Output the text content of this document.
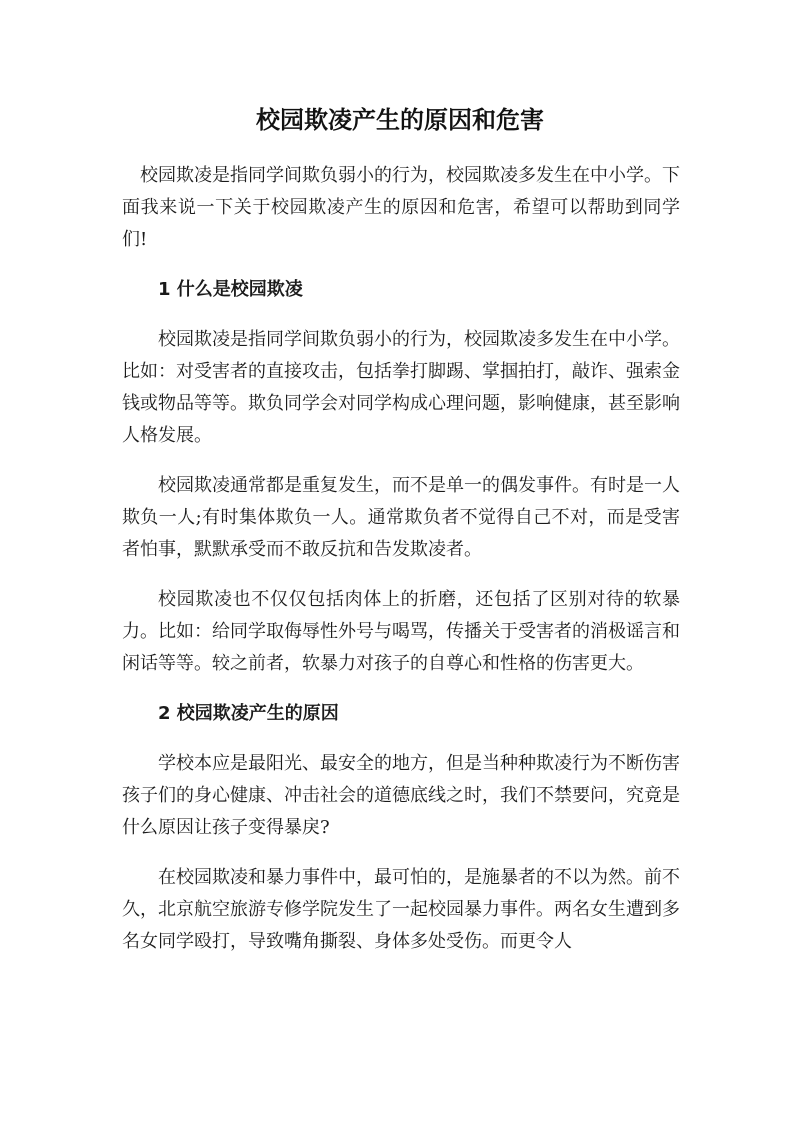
校园欺凌产生的原因和危害

校园欺凌是指同学间欺负弱小的行为，校园欺凌多发生在中小学。下面我来说一下关于校园欺凌产生的原因和危害，希望可以帮助到同学们!

1 什么是校园欺凌

校园欺凌是指同学间欺负弱小的行为，校园欺凌多发生在中小学。比如：对受害者的直接攻击，包括拳打脚踢、掌掴拍打，敲诈、强索金钱或物品等等。欺负同学会对同学构成心理问题，影响健康，甚至影响人格发展。

校园欺凌通常都是重复发生，而不是单一的偶发事件。有时是一人欺负一人;有时集体欺负一人。通常欺负者不觉得自己不对，而是受害者怕事，默默承受而不敢反抗和告发欺凌者。

校园欺凌也不仅仅包括肉体上的折磨，还包括了区别对待的软暴力。比如：给同学取侮辱性外号与喝骂，传播关于受害者的消极谣言和闲话等等。较之前者，软暴力对孩子的自尊心和性格的伤害更大。

2 校园欺凌产生的原因

学校本应是最阳光、最安全的地方，但是当种种欺凌行为不断伤害孩子们的身心健康、冲击社会的道德底线之时，我们不禁要问，究竟是什么原因让孩子变得暴戾?

在校园欺凌和暴力事件中，最可怕的，是施暴者的不以为然。前不久，北京航空旅游专修学院发生了一起校园暴力事件。两名女生遭到多名女同学殴打，导致嘴角撕裂、身体多处受伤。而更令人
